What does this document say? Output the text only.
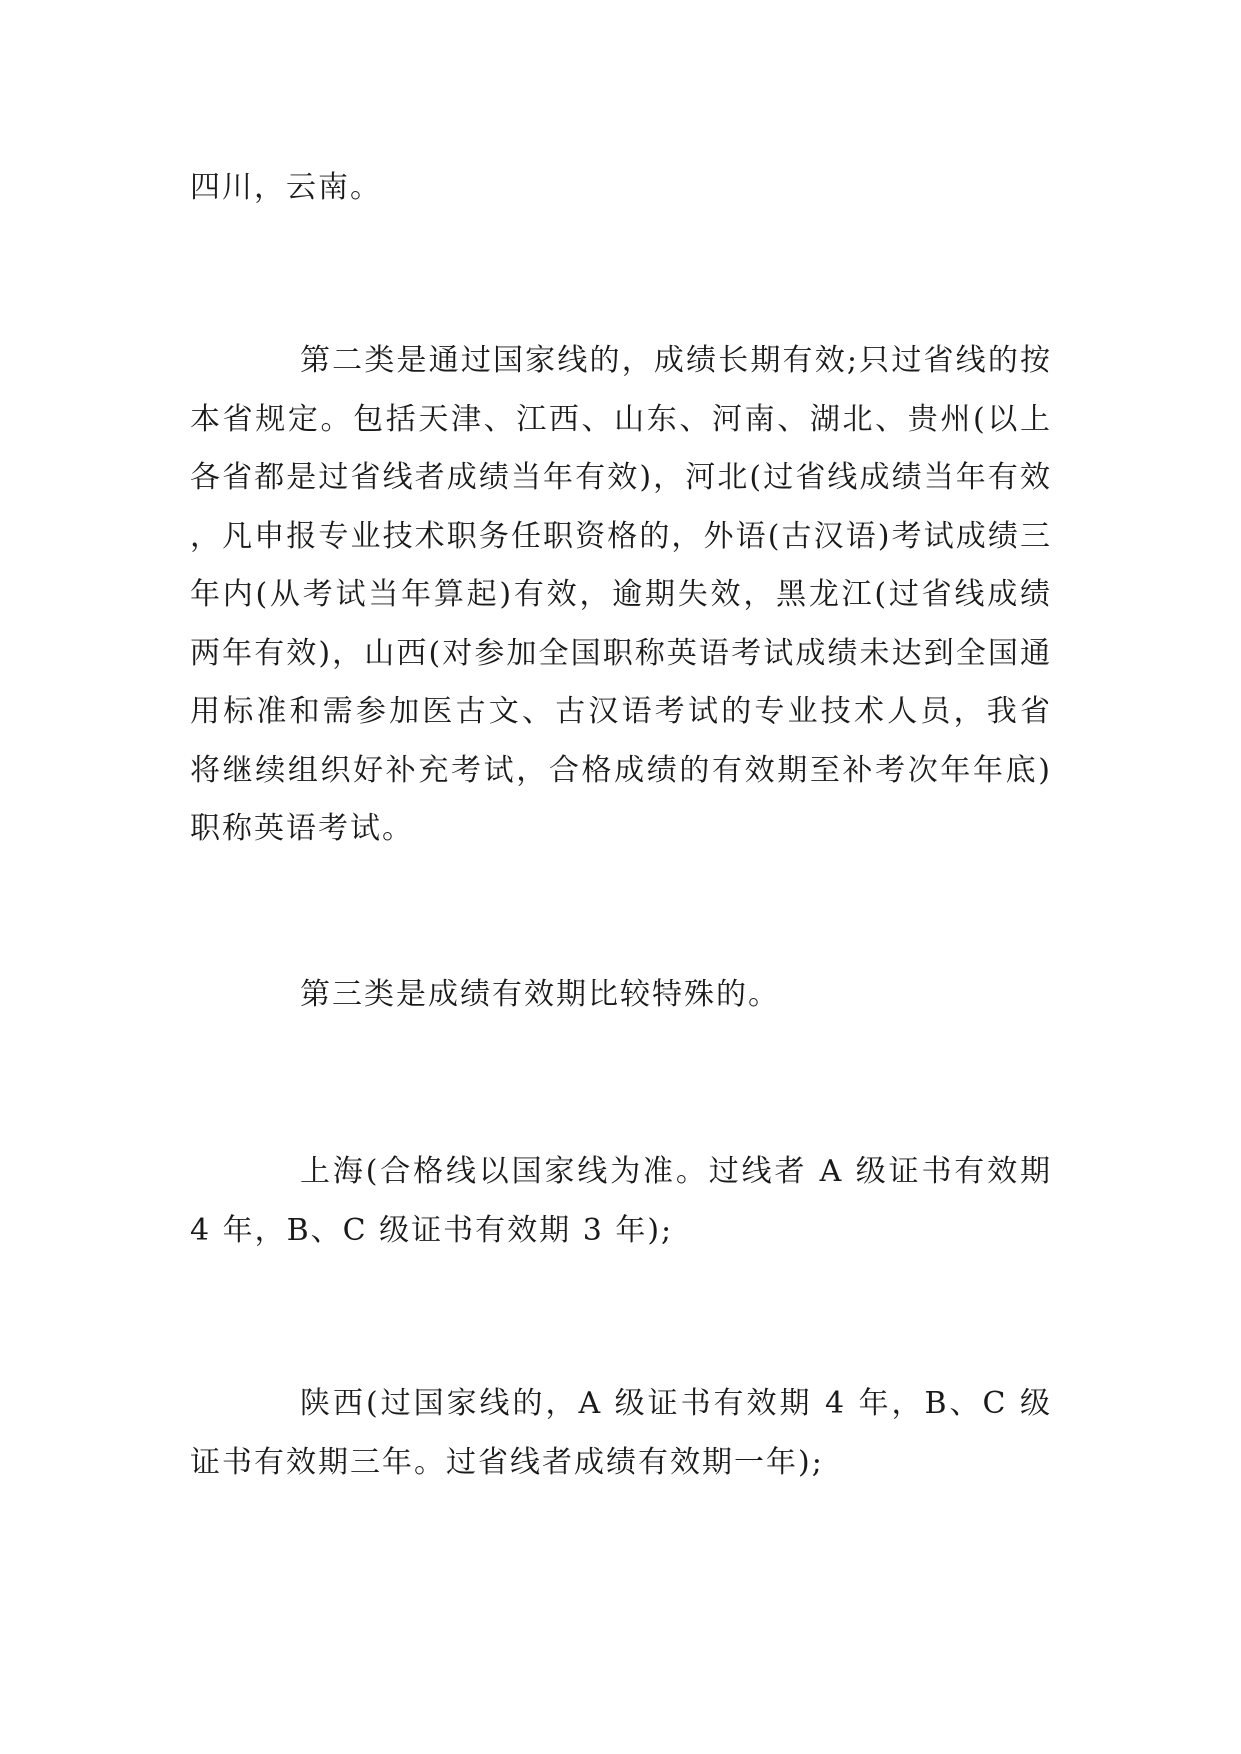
四川，云南。

第二类是通过国家线的，成绩长期有效;只过省线的按本省规定。包括天津、江西、山东、河南、湖北、贵州(以上各省都是过省线者成绩当年有效)，河北(过省线成绩当年有效，凡申报专业技术职务任职资格的，外语(古汉语)考试成绩三年内(从考试当年算起)有效，逾期失效，黑龙江(过省线成绩两年有效)，山西(对参加全国职称英语考试成绩未达到全国通用标准和需参加医古文、古汉语考试的专业技术人员，我省将继续组织好补充考试，合格成绩的有效期至补考次年年底)职称英语考试。

第三类是成绩有效期比较特殊的。

上海(合格线以国家线为准。过线者 A 级证书有效期 4 年，B、C 级证书有效期 3 年);

陕西(过国家线的，A 级证书有效期 4 年，B、C 级证书有效期三年。过省线者成绩有效期一年);
